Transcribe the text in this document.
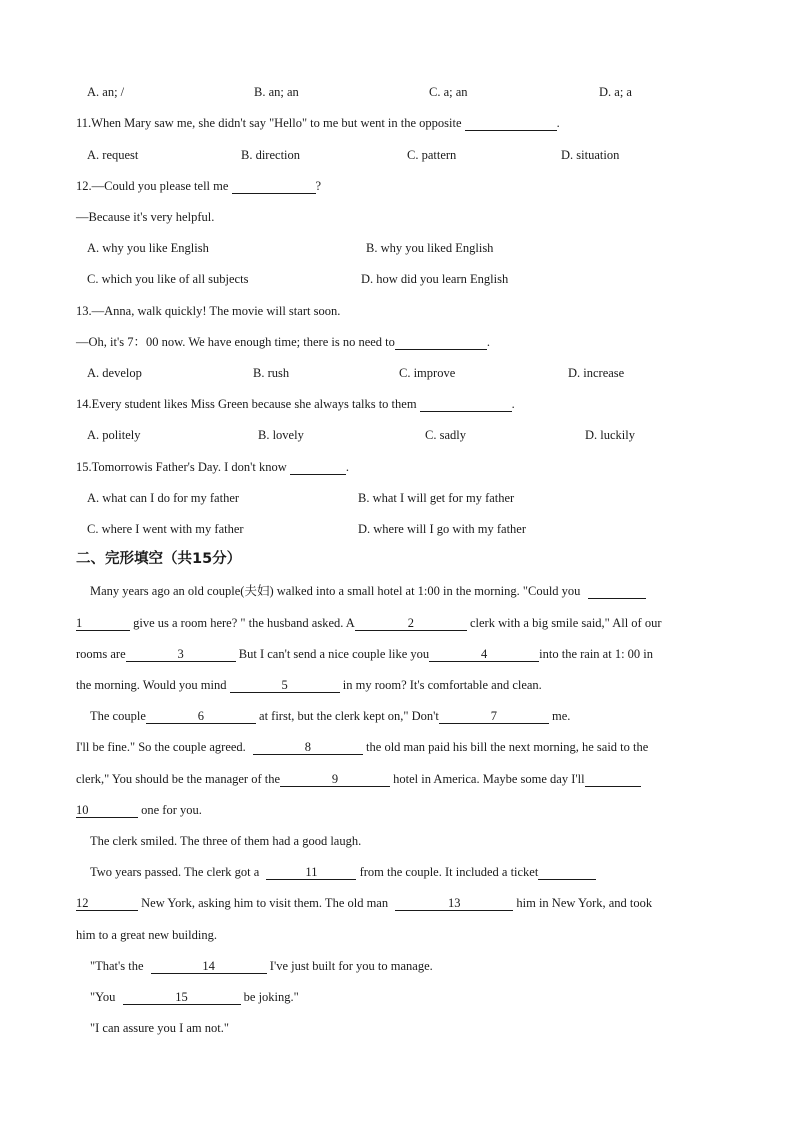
A. an; /	B. an; an	C. a; an	D. a; a
11.When Mary saw me, she didn't say "Hello" to me but went in the opposite	.
A. request	B. direction	C. pattern	D. situation
12.—Could you please tell me	?
—Because it's very helpful.
A. why you like English	B. why you liked English
C. which you like of all subjects	D. how did you learn English
13.—Anna, walk quickly! The movie will start soon.
—Oh, it's 7：00 now. We have enough time; there is no need to	.
A. develop	B. rush	C. improve	D. increase
14.Every student likes Miss Green because she always talks to them	.
A. politely	B. lovely	C. sadly	D. luckily
15.Tomorrowis Father's Day. I don't know	.
A. what can I do for my father	B. what I will get for my father
C. where I went with my father	D. where will I go with my father
二、完形填空（共15分）
Many years ago an old couple(夫妇) walked into a small hotel at 1:00 in the morning. "Could you
1	give us a room here? " the husband asked. A	2	clerk with a big smile said," All of our
rooms are	3	But I can't send a nice couple like you	4	into the rain at 1: 00 in
the morning. Would you mind	5	in my room? It's comfortable and clean.
The couple	6	at first, but the clerk kept on," Don't	7	me.
I'll be fine." So the couple agreed.	8	the old man paid his bill the next morning, he said to the
clerk," You should be the manager of the	9	hotel in America. Maybe some day I'll
10	one for you.
The clerk smiled. The three of them had a good laugh.
Two years passed. The clerk got a	11	from the couple. It included a ticket
12	New York, asking him to visit them. The old man	13	him in New York, and took
him to a great new building.
"That's the	14	I've just built for you to manage.
"You	15	be joking."
"I can assure you I am not."
